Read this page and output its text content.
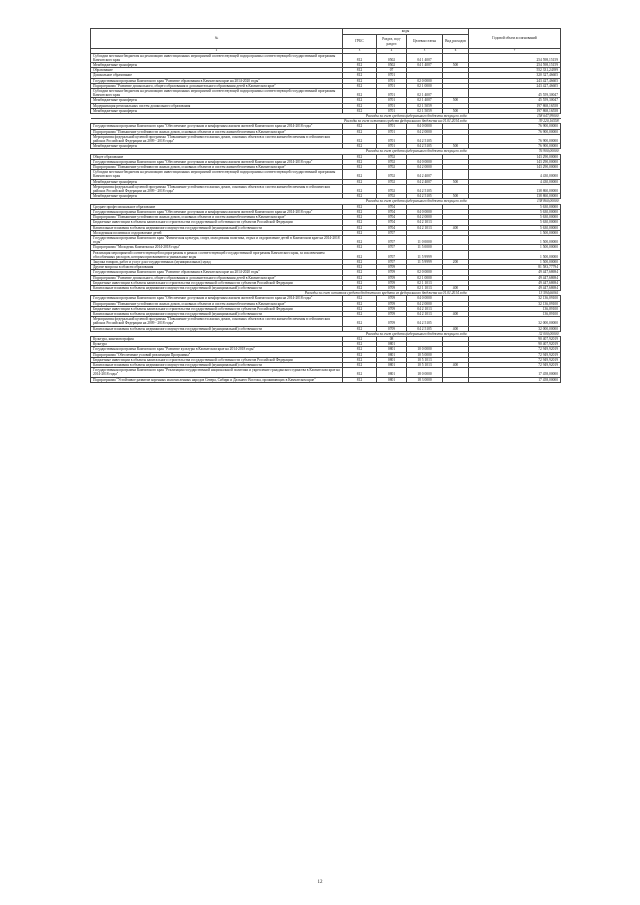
№	коды				Годовой объем ассигнований
	ГРБС	Раздел, под-раздел	Целевая статья	Вид расходов	
2	3	4	5	6	7
Субсидии местным бюджетам на реализацию инвестиционных мероприятий соответствующей подпрограммы соответствующей государственной программы Камчатского края	812	0502	04 1 4007		254 598,15159
Межбюджетные трансферты	812	0502	04 1 4007	500	254 598,15159
Образование	812	07			552 331,24399
Дошкольное образование	812	0701			320 327,46605
Государственная программа Камчатского края "Развитие образования в Камчатском крае на 2014-2020 годы"	812	0701	02 0 0000		243 427,46605
Подпрограмма "Развитие дошкольного, общего образования и дополнительного образования детей в Камчатском крае"	812	0701	02 1 0000		243 427,46605
Субсидии местным бюджетам на реализацию инвестиционных мероприятий соответствующей подпрограммы соответствующей государственной программы Камчатского края	812	0701	02 1 4007		45 559,30047
Межбюджетные трансферты	812	0701	02 1 4007	500	45 559,30047
Модернизация региональных систем дошкольного образования	812	0701	02 1 5059		197 868,16558
Межбюджетные трансферты	812	0701	02 1 5059	500	197 868,16558
Расходы за счет средств федерального бюджета текущего года					158 647,99000
Расходы за счет остатков средств федерального бюджета на 01.01.2014 года					39 220,16558
Государственная программа Камчатского края "Обеспечение доступным и комфортным жильем жителей Камчатского края на 2014-2018 годы"	812	0701	04 0 0000		76 900,00000
Подпрограмма "Повышение устойчивости жилых домов, основных объектов и систем жизнеобеспечения в Камчатском крае"	812	0701	04 2 0000		76 900,00000
Мероприятия федеральной целевой программы "Повышение устойчивости жилых домов, основных объектов и систем жизнеобеспечения в сейсмических районах Российской Федерации на 2009 - 2018 годы"	812	0701	04 2 5105		76 900,00000
Межбюджетные трансферты	812	0701	04 2 5105	500	76 900,00000
Расходы за счет средств федерального бюджета текущего года					76 900,00000
Общее образование	812	0702			143 290,00000
Государственная программа Камчатского края "Обеспечение доступным и комфортным жильем жителей Камчатского края на 2014-2018 годы"	812	0702	04 0 0000		143 290,00000
Подпрограмма "Повышение устойчивости жилых домов, основных объектов и систем жизнеобеспечения в Камчатском крае"	812	0702	04 2 0000		143 290,00000
Субсидии местным бюджетам на реализацию инвестиционных мероприятий соответствующей подпрограммы соответствующей государственной программы Камчатского края	812	0702	04 2 4007		4 430,00000
Межбюджетные трансферты	812	0702	04 2 4007	500	4 430,00000
Мероприятия федеральной целевой программы "Повышение устойчивости жилых домов, основных объектов и систем жизнеобеспечения в сейсмических районах Российской Федерации на 2009 - 2018 годы"	812	0702	04 2 5105		138 860,00000
Межбюджетные трансферты	812	0702	04 2 5105	500	138 860,00000
Расходы за счет средств федерального бюджета текущего года					138 860,00000
Среднее профессиональное образование	812	0704			5 630,00000
Государственная программа Камчатского края "Обеспечение доступным и комфортным жильем жителей Камчатского края на 2014-2018 годы"	812	0704	04 0 0000		5 630,00000
Подпрограмма "Повышение устойчивости жилых домов, основных объектов и систем жизнеобеспечения в Камчатском крае"	812	0704	04 2 0000		5 630,00000
Бюджетные инвестиции в объекты капитального строительства государственной собственности субъектов Российской Федерации	812	0704	04 2 1013		5 630,00000
Капитальные вложения в объекты недвижимого имущества государственной (муниципальной) собственности	812	0704	04 2 1013	400	5 630,00000
Молодежная политика и оздоровление детей	812	0707			1 500,00000
Государственная программа Камчатского края "Физическая культура, спорт, молодежная политика, отдых и оздоровление детей в Камчатском крае на 2014-2018 годы"	812	0707	11 0 0000		1 500,00000
Подпрограмма "Молодежь Камчатки на 2014-2018 годы"	812	0707	11 5 0000		1 500,00000
Реализация мероприятий соответствующей подпрограммы в рамках соответствующей государственной программы Камчатского края, за исключением обособленных расходов, которым присваиваются уникальные коды	812	0707	11 5 9999		1 500,00000
Закупка товаров, работ и услуг для государственных (муниципальных) нужд	812	0707	11 5 9999	200	1 500,00000
Другие вопросы в области образования	812	0709			81 583,77794
Государственная программа Камчатского края "Развитие образования в Камчатском крае на 2014-2020 годы"	812	0709	02 0 0000		49 447,68694
Подпрограмма "Развитие дошкольного, общего образования и дополнительного образования детей в Камчатском крае"	812	0709	02 1 0000		49 447,68694
Бюджетные инвестиции в объекты капитального строительства государственной собственности субъектов Российской Федерации	812	0709	02 1 1013		49 447,68694
Капитальные вложения в объекты недвижимого имущества государственной (муниципальной) собственности	812	0709	02 1 1013	400	49 447,68694
Расходы за счет остатков средств бюджетного кредита из федерального бюджета на 01.01.2014 года					13 594,66061
Государственная программа Камчатского края "Обеспечение доступным и комфортным жильем жителей Камчатского края на 2014-2018 годы"	812	0709	04 0 0000		32 136,09100
Подпрограмма "Повышение устойчивости жилых домов, основных объектов и систем жизнеобеспечения в Камчатском крае"	812	0709	04 2 0000		32 136,09100
Бюджетные инвестиции в объекты капитального строительства государственной собственности субъектов Российской Федерации	812	0709	04 2 1013		136,09100
Капитальные вложения в объекты недвижимого имущества государственной (муниципальной) собственности	812	0709	04 2 1013	400	136,09100
Мероприятия федеральной целевой программы "Повышение устойчивости жилых домов, основных объектов и систем жизнеобеспечения в сейсмических районах Российской Федерации на 2009 - 2018 годы"	812	0709	04 2 5105		32 000,00000
Капитальные вложения в объекты недвижимого имущества государственной (муниципальной) собственности	812	0709	04 2 5105	400	32 000,00000
Расходы за счет средств федерального бюджета текущего года					32 000,00000
Культура, кинематография	812	08			90 407,92019
Культура	812	0801			90 407,92019
Государственная программа Камчатского края "Развитие культуры в Камчатском крае на 2014-2018 годы"	812	0801	10 0 0000		72 949,92019
Подпрограмма "Обеспечение условий реализации Программы"	812	0801	10 5 0000		72 949,92019
Бюджетные инвестиции в объекты капитального строительства государственной собственности субъектов Российской Федерации	812	0801	10 5 1013		72 949,92019
Капитальные вложения в объекты недвижимого имущества государственной (муниципальной) собственности	812	0801	10 5 1013	400	72 949,92019
Государственная программа Камчатского края "Реализация государственной национальной политики и укрепление гражданского единства в Камчатском крае на 2014-2018 годы"	812	0801	18 0 0000		17 458,00000
Подпрограмма "Устойчивое развитие коренных малочисленных народов Севера, Сибири и Дальнего Востока, проживающих в Камчатском крае"	812	0801	18 3 0000		17 458,00000
12
